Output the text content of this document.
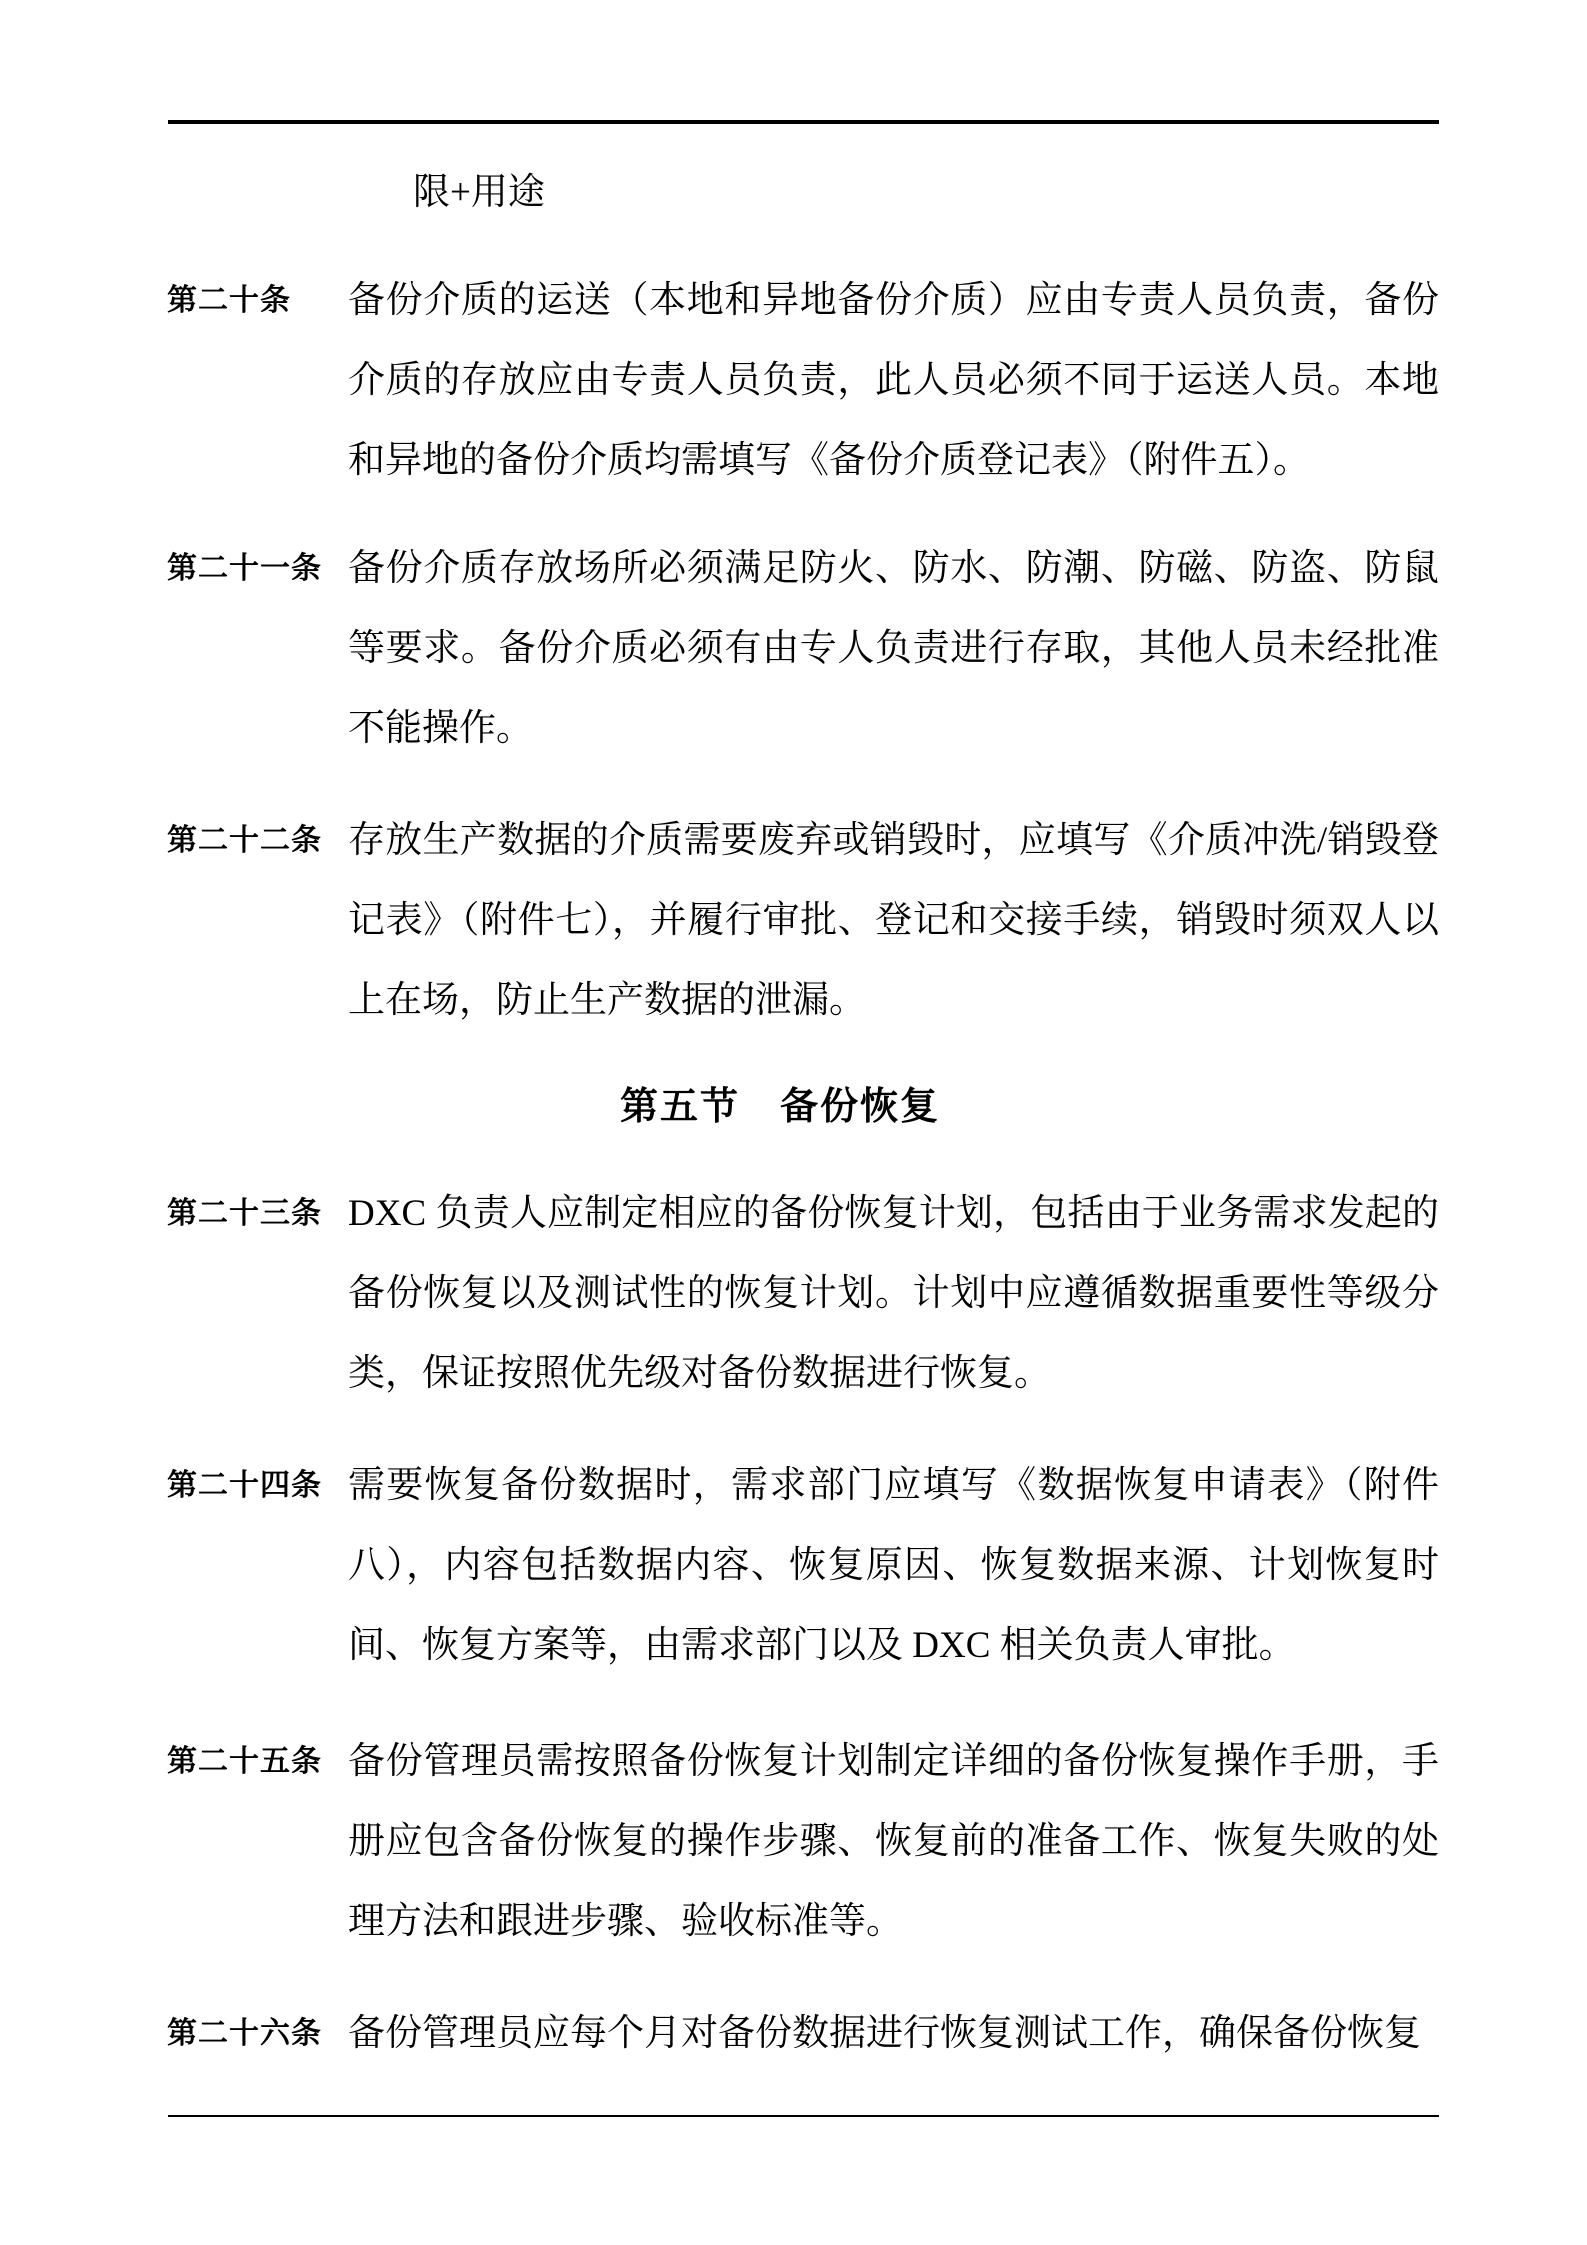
限+用途
第二十条	备份介质的运送（本地和异地备份介质）应由专责人员负责，备份介质的存放应由专责人员负责，此人员必须不同于运送人员。本地和异地的备份介质均需填写《备份介质登记表》（附件五）。
第二十一条 备份介质存放场所必须满足防火、防水、防潮、防磁、防盗、防鼠等要求。备份介质必须有由专人负责进行存取，其他人员未经批准不能操作。
第二十二条 存放生产数据的介质需要废弃或销毁时，应填写《介质冲洗/销毁登记表》（附件七），并履行审批、登记和交接手续，销毁时须双人以上在场，防止生产数据的泄漏。
第五节　备份恢复
第二十三条 DXC 负责人应制定相应的备份恢复计划，包括由于业务需求发起的备份恢复以及测试性的恢复计划。计划中应遵循数据重要性等级分类，保证按照优先级对备份数据进行恢复。
第二十四条 需要恢复备份数据时，需求部门应填写《数据恢复申请表》（附件八），内容包括数据内容、恢复原因、恢复数据来源、计划恢复时间、恢复方案等，由需求部门以及 DXC 相关负责人审批。
第二十五条 备份管理员需按照备份恢复计划制定详细的备份恢复操作手册，手册应包含备份恢复的操作步骤、恢复前的准备工作、恢复失败的处理方法和跟进步骤、验收标准等。
第二十六条 备份管理员应每个月对备份数据进行恢复测试工作，确保备份恢复
